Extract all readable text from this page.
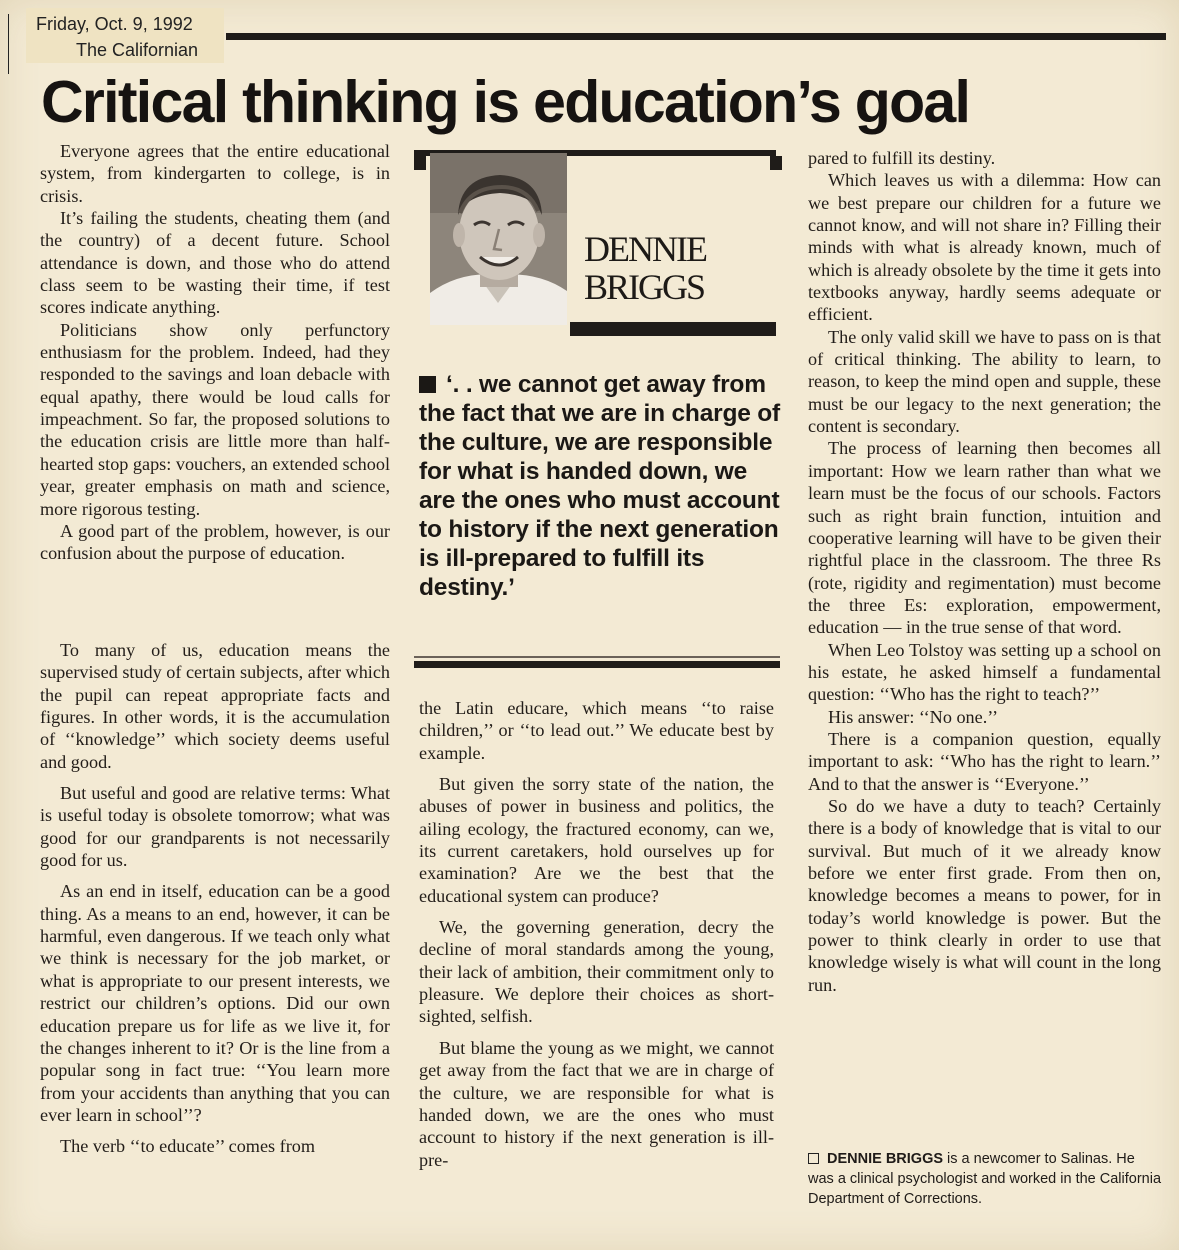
Friday, Oct. 9, 1992
The Californian
Critical thinking is education’s goal

Everyone agrees that the entire educational system, from kindergarten to college, is in crisis.

It’s failing the students, cheating them (and the country) of a decent future. School attendance is down, and those who do attend class seem to be wasting their time, if test scores indicate anything.

Politicians show only perfunctory enthusiasm for the problem. Indeed, had they responded to the savings and loan debacle with equal apathy, there would be loud calls for impeachment. So far, the proposed solutions to the education crisis are little more than half-hearted stop gaps: vouchers, an extended school year, greater emphasis on math and science, more rigorous testing.

A good part of the problem, however, is our confusion about the purpose of education.

To many of us, education means the supervised study of certain subjects, after which the pupil can repeat appropriate facts and figures. In other words, it is the accumulation of ‘‘knowledge’’ which society deems useful and good.

But useful and good are relative terms: What is useful today is obsolete tomorrow; what was good for our grandparents is not necessarily good for us.

As an end in itself, education can be a good thing. As a means to an end, however, it can be harmful, even dangerous. If we teach only what we think is necessary for the job market, or what is appropriate to our present interests, we restrict our children’s options. Did our own education prepare us for life as we live it, for the changes inherent to it? Or is the line from a popular song in fact true: ‘‘You learn more from your accidents than anything that you can ever learn in school’’?

The verb ‘‘to educate’’ comes from

DENNIE
BRIGGS
‘. . we cannot get away from the fact that we are in charge of the culture, we are responsible for what is handed down, we are the ones who must account to history if the next generation is ill-prepared to fulfill its destiny.’

the Latin educare, which means ‘‘to raise children,’’ or ‘‘to lead out.’’ We educate best by example.

But given the sorry state of the nation, the abuses of power in business and politics, the ailing ecology, the fractured economy, can we, its current caretakers, hold ourselves up for examination? Are we the best that the educational system can produce?

We, the governing generation, decry the decline of moral standards among the young, their lack of ambition, their commitment only to pleasure. We deplore their choices as short-sighted, selfish.

But blame the young as we might, we cannot get away from the fact that we are in charge of the culture, we are responsible for what is handed down, we are the ones who must account to history if the next generation is ill-pre-

pared to fulfill its destiny.

Which leaves us with a dilemma: How can we best prepare our children for a future we cannot know, and will not share in? Filling their minds with what is already known, much of which is already obsolete by the time it gets into textbooks anyway, hardly seems adequate or efficient.

The only valid skill we have to pass on is that of critical thinking. The ability to learn, to reason, to keep the mind open and supple, these must be our legacy to the next generation; the content is secondary.

The process of learning then becomes all important: How we learn rather than what we learn must be the focus of our schools. Factors such as right brain function, intuition and cooperative learning will have to be given their rightful place in the classroom. The three Rs (rote, rigidity and regimentation) must become the three Es: exploration, empowerment, education — in the true sense of that word.

When Leo Tolstoy was setting up a school on his estate, he asked himself a fundamental question: ‘‘Who has the right to teach?’’

His answer: ‘‘No one.’’

There is a companion question, equally important to ask: ‘‘Who has the right to learn.’’ And to that the answer is ‘‘Everyone.’’

So do we have a duty to teach? Certainly there is a body of knowledge that is vital to our survival. But much of it we already know before we enter first grade. From then on, knowledge becomes a means to power, for in today’s world knowledge is power. But the power to think clearly in order to use that knowledge wisely is what will count in the long run.

DENNIE BRIGGS is a newcomer to Salinas. He was a clinical psychologist and worked in the California Department of Corrections.
